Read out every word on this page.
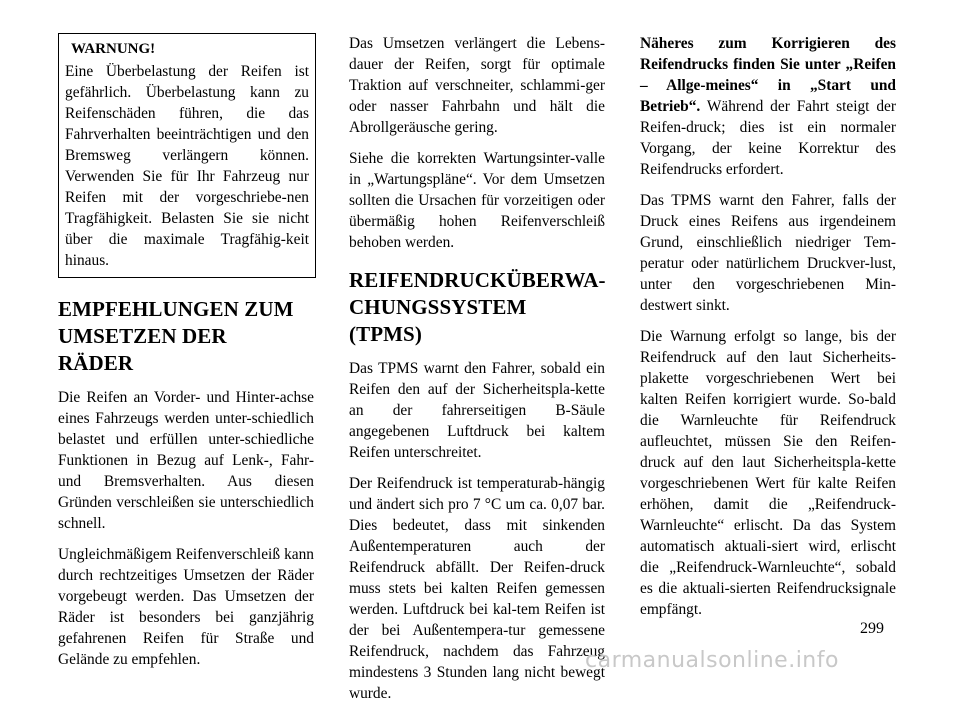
WARNUNG!

Eine Überbelastung der Reifen ist gefährlich. Überbelastung kann zu Reifenschäden führen, die das Fahrverhalten beeinträchtigen und den Bremsweg verlängern können. Verwenden Sie für Ihr Fahrzeug nur Reifen mit der vorgeschriebe-nen Tragfähigkeit. Belasten Sie sie nicht über die maximale Tragfähig-keit hinaus.

EMPFEHLUNGEN ZUM UMSETZEN DER RÄDER

Die Reifen an Vorder- und Hinter-achse eines Fahrzeugs werden unter-schiedlich belastet und erfüllen unter-schiedliche Funktionen in Bezug auf Lenk-, Fahr- und Bremsverhalten. Aus diesen Gründen verschleißen sie unterschiedlich schnell.

Ungleichmäßigem Reifenverschleiß kann durch rechtzeitiges Umsetzen der Räder vorgebeugt werden. Das Umsetzen der Räder ist besonders bei ganzjährig gefahrenen Reifen für Straße und Gelände zu empfehlen.

Das Umsetzen verlängert die Lebens-dauer der Reifen, sorgt für optimale Traktion auf verschneiter, schlammi-ger oder nasser Fahrbahn und hält die Abrollgeräusche gering.

Siehe die korrekten Wartungsinter-valle in „Wartungspläne“. Vor dem Umsetzen sollten die Ursachen für vorzeitigen oder übermäßig hohen Reifenverschleiß behoben werden.

REIFENDRUCKÜBERWA-CHUNGSSYSTEM (TPMS)

Das TPMS warnt den Fahrer, sobald ein Reifen den auf der Sicherheitspla-kette an der fahrerseitigen B-Säule angegebenen Luftdruck bei kaltem Reifen unterschreitet.

Der Reifendruck ist temperaturab-hängig und ändert sich pro 7 °C um ca. 0,07 bar. Dies bedeutet, dass mit sinkenden Außentemperaturen auch der Reifendruck abfällt. Der Reifen-druck muss stets bei kalten Reifen gemessen werden. Luftdruck bei kal-tem Reifen ist der bei Außentempera-tur gemessene Reifendruck, nachdem das Fahrzeug mindestens 3 Stunden lang nicht bewegt wurde.

Näheres zum Korrigieren des Reifendrucks finden Sie unter „Reifen – Allge-meines“ in „Start und Betrieb“. Während der Fahrt steigt der Reifen-druck; dies ist ein normaler Vorgang, der keine Korrektur des Reifendrucks erfordert.

Das TPMS warnt den Fahrer, falls der Druck eines Reifens aus irgendeinem Grund, einschließlich niedriger Tem-peratur oder natürlichem Druckver-lust, unter den vorgeschriebenen Min-destwert sinkt.

Die Warnung erfolgt so lange, bis der Reifendruck auf den laut Sicherheits-plakette vorgeschriebenen Wert bei kalten Reifen korrigiert wurde. So-bald die Warnleuchte für Reifendruck aufleuchtet, müssen Sie den Reifen-druck auf den laut Sicherheitspla-kette vorgeschriebenen Wert für kalte Reifen erhöhen, damit die „Reifendruck-Warnleuchte“ erlischt. Da das System automatisch aktuali-siert wird, erlischt die „Reifendruck-Warnleuchte“, sobald es die aktuali-sierten Reifendrucksignale empfängt.

299
carmanualsonline.info
